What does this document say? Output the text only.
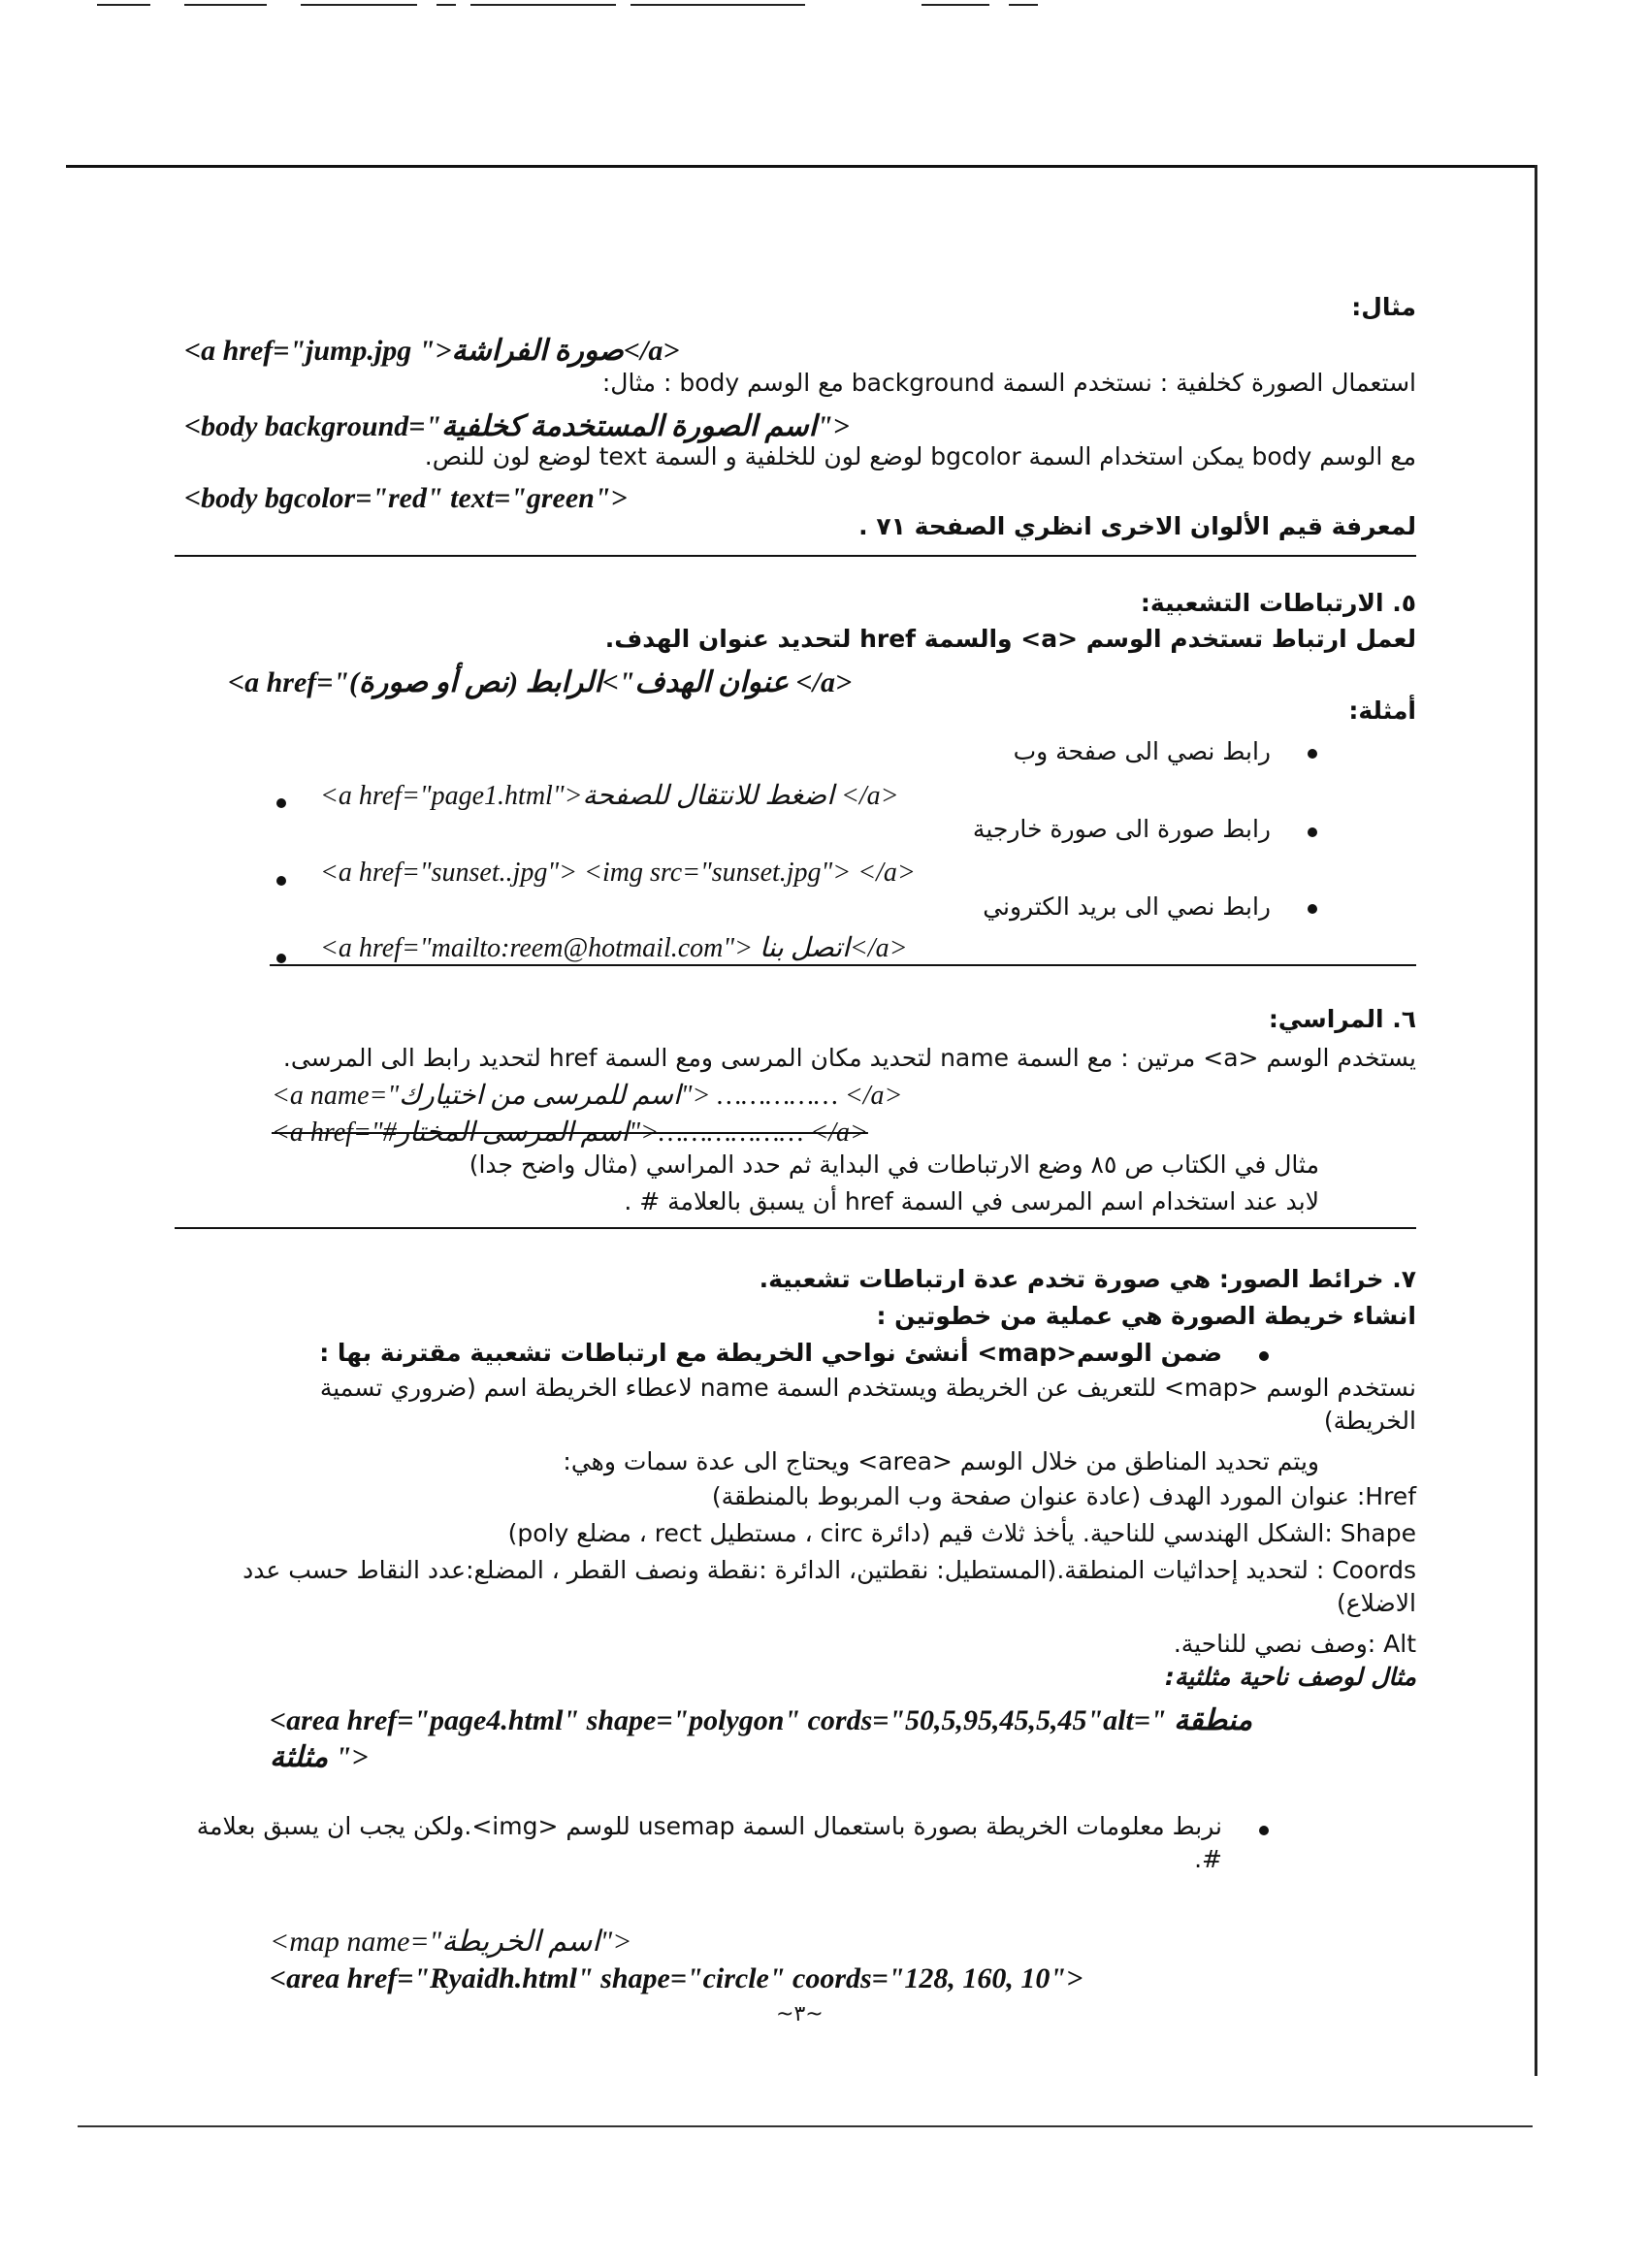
مثال:
<a href="jump.jpg ">صورة الفراشة</a>
استعمال الصورة كخلفية : نستخدم السمة background مع الوسم body : مثال:
<body background="اسم الصورة المستخدمة كخلفية">
مع الوسم body يمكن استخدام السمة bgcolor لوضع لون للخلفية و السمة text لوضع لون للنص.
<body bgcolor="red" text="green">
لمعرفة قيم الألوان الاخرى انظري الصفحة ٧١ .
٥. الارتباطات التشعبية:
لعمل ارتباط تستخدم الوسم <a> والسمة href لتحديد عنوان الهدف.
<a href="عنوان الهدف">الرابط (نص أو صورة) </a>
أمثلة:
رابط نصي الى صفحة وب
<a href="page1.html">اضغط للانتقال للصفحة </a>
رابط صورة الى صورة خارجية
<a href="sunset..jpg"> <img src="sunset.jpg"> </a>
رابط نصي الى بريد الكتروني
<a href="mailto:reem@hotmail.com"> اتصل بنا</a>
٦. المراسي:
يستخدم الوسم <a> مرتين : مع السمة name لتحديد مكان المرسى ومع السمة href لتحديد رابط الى المرسى.
<a name="اسم للمرسى من اختيارك"> …………… </a>
<a href="#اسم المرسى المختار">……………… </a>
مثال في الكتاب ص ٨٥ وضع الارتباطات في البداية ثم حدد المراسي (مثال واضح جدا)
لابد عند استخدام اسم المرسى في السمة href أن يسبق بالعلامة # .
٧. خرائط الصور: هي صورة تخدم عدة ارتباطات تشعبية.
انشاء خريطة الصورة هي عملية من خطوتين :
ضمن الوسم<map> أنشئ نواحي الخريطة مع ارتباطات تشعبية مقترنة بها :
نستخدم الوسم <map> للتعريف عن الخريطة ويستخدم السمة name لاعطاء الخريطة اسم (ضروري تسمية الخريطة)
ويتم تحديد المناطق من خلال الوسم <area> ويحتاج الى عدة سمات وهي:
Href: عنوان المورد الهدف (عادة عنوان صفحة وب المربوط بالمنطقة)
Shape :الشكل الهندسي للناحية. يأخذ ثلاث قيم (دائرة circ ، مستطيل rect ، مضلع poly)
Coords : لتحديد إحداثيات المنطقة.(المستطيل: نقطتين، الدائرة :نقطة ونصف القطر ، المضلع:عدد النقاط حسب عدد الاضلاع)
Alt :وصف نصي للناحية.
مثال لوصف ناحية مثلثية:
<area href="page4.html" shape="polygon" cords="50,5,95,45,5,45"alt=" منطقة
مثلثة ">
نربط معلومات الخريطة بصورة باستعمال السمة usemap للوسم <img>.ولكن يجب ان يسبق بعلامة #.
<map name="اسم الخريطة">
<area href="Ryaidh.html" shape="circle" coords="128, 160, 10">
~٣~
